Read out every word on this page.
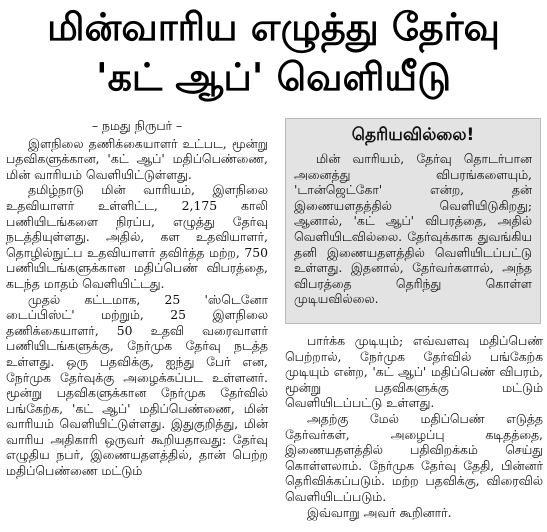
மின்வாரிய எழுத்து தேர்வு
'கட் ஆப்' வெளியீடு
– நமது நிருபர் –

இளநிலை தணிக்கையாளர் உட்பட, மூன்று பதவிகளுக்கான, 'கட் ஆப்' மதிப்பெண்ணை, மின் வாரியம் வெளியிட்டுள்ளது.

தமிழ்நாடு மின் வாரியம், இளநிலை உதவியாளர் உள்ளிட்ட, 2,175 காலி பணியிடங்களை நிரப்ப, எழுத்து தேர்வு நடத்தியுள்ளது. அதில், கள உதவியாளர், தொழில்நுட்ப உதவியாளர் தவிர்த்த மற்ற, 750 பணியிடங்களுக்கான மதிப்பெண் விபரத்தை, கடந்த மாதம் வெளியிட்டது.

முதல் கட்டமாக, 25 'ஸ்டெனோ டைப்பிஸ்ட்' மற்றும், 25 இளநிலை தணிக்கையாளர், 50 உதவி வரைவாளர் பணியிடங்களுக்கு, நேர்முக தேர்வு நடத்த உள்ளது. ஒரு பதவிக்கு, ஐந்து பேர் என, நேர்முக தேர்வுக்கு அழைக்கப்பட உள்ளனர். மூன்று பதவிகளுக்கான நேர்முக தேர்வில் பங்கேற்க, 'கட் ஆப்' மதிப்பெண்ணை, மின் வாரியம் வெளியிட்டுள்ளது. இதுகுறித்து, மின் வாரிய அதிகாரி ஒருவர் கூறியதாவது: தேர்வு எழுதிய நபர், இணையதளத்தில், தான் பெற்ற மதிப்பெண்ணை மட்டும்

தெரியவில்லை!

மின் வாரியம், தேர்வு தொடர்பான அனைத்து விபரங்களையும், 'டான்ஜெட்கோ' என்ற, தன் இணையளதத்தில் வெளியிடுகிறது; ஆனால், 'கட் ஆப்' விபரத்தை, அதில் வெளியிடவில்லை. தேர்வுக்காக துவங்கிய தனி இணையதளத்தில் வெளியிடப்பட்டு உள்ளது. இதனால், தேர்வர்களால், அந்த விபரத்தை தெரிந்து கொள்ள முடியவில்லை.

பார்க்க முடியும்; எவ்வளவு மதிப்பெண் பெற்றால், நேர்முக தேர்வில் பங்கேற்க முடியும் என்ற, 'கட் ஆப்' மதிப்பெண் விபரம், மூன்று பதவிகளுக்கு மட்டும் வெளியிடப்பட்டு உள்ளது.

அதற்கு மேல் மதிப்பெண் எடுத்த தேர்வர்கள், அழைப்பு கடிதத்தை, இணையதளத்தில் பதிவிறக்கம் செய்து கொள்ளலாம். நேர்முக தேர்வு தேதி, பின்னர் தெரிவிக்கப்படும். மற்ற பதவிக்கு, விரைவில் வெளியிடப்படும்.

இவ்வாறு அவர் கூறினார்.
